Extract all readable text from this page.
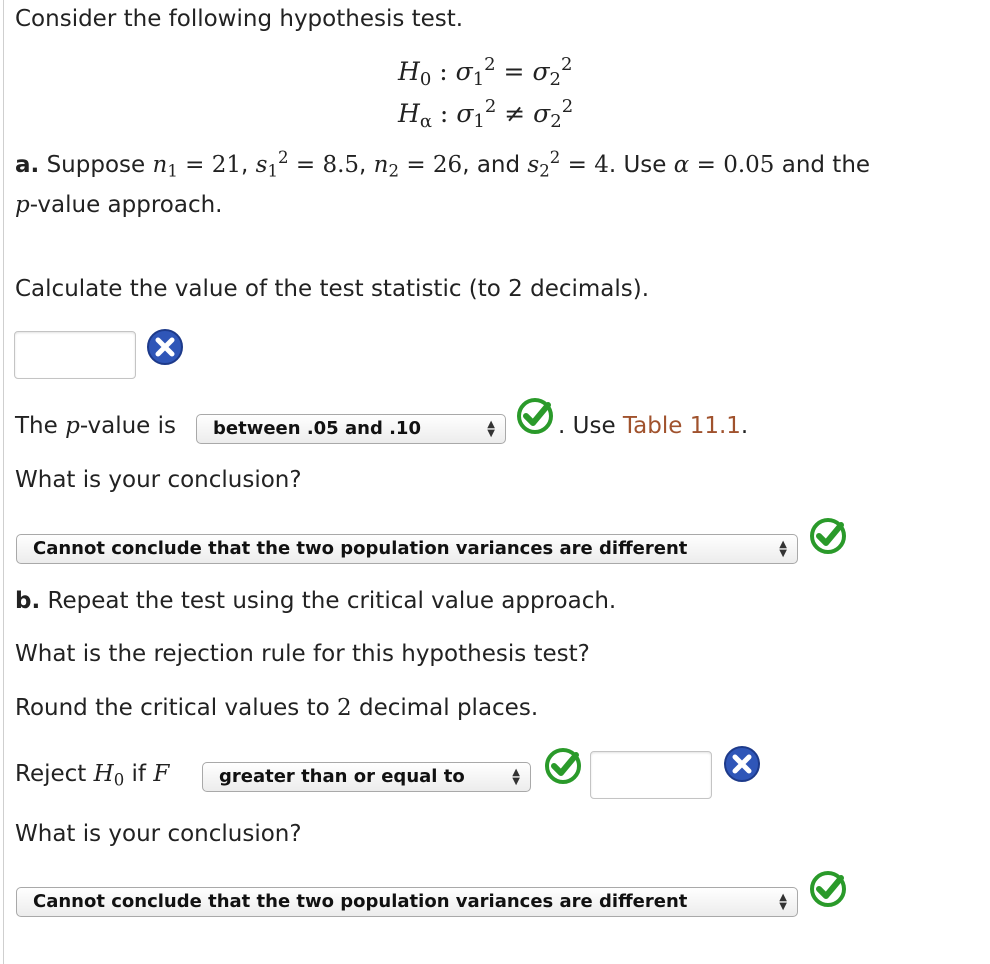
Consider the following hypothesis test.
$H_0$ : $\sigma_1^2 = \sigma_2^2$
$H_\alpha$ : $\sigma_1^2 \ne \sigma_2^2$
a. Suppose $n_1 = 21$, $s_1^2 = 8.5$, $n_2 = 26$, and $s_2^2 = 4$. Use α = 0.05 and the
p-value approach.
Calculate the value of the test statistic (to 2 decimals).
The p-value is	between .05 and .10	▲
▼	. Use Table 11.1.
What is your conclusion?
Cannot conclude that the two population variances are different	▲
▼
b. Repeat the test using the critical value approach.
What is the rejection rule for this hypothesis test?
Round the critical values to 2 decimal places.
Reject $H_0$ if F	greater than or equal to	▲
▼
What is your conclusion?
Cannot conclude that the two population variances are different	▲
▼
